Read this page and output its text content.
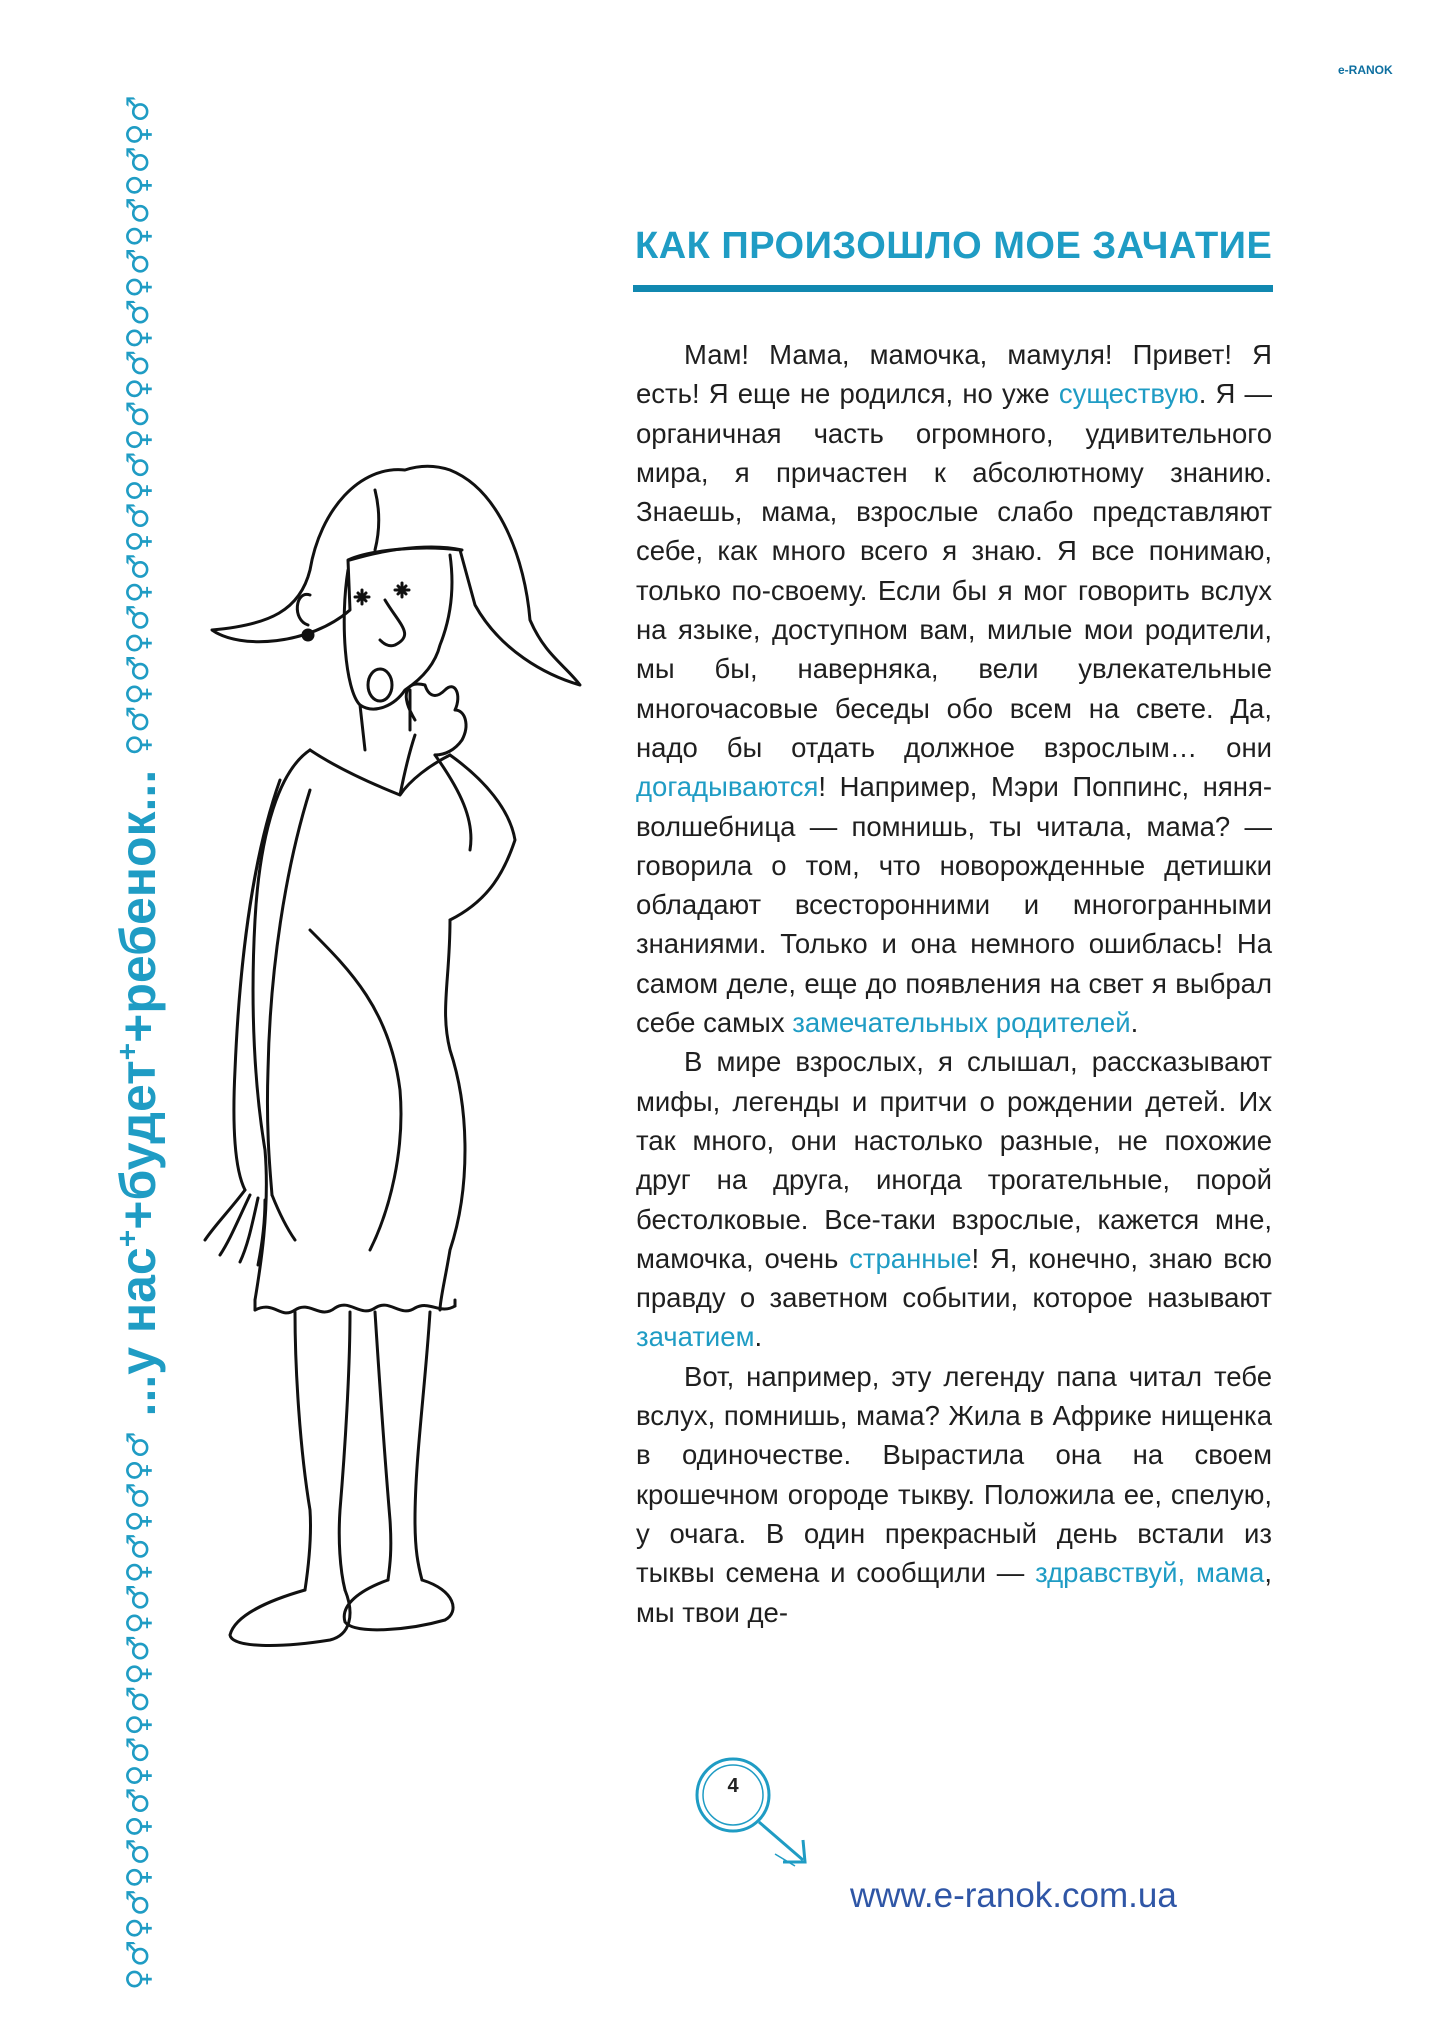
♀♂♀♂♀♂♀♂♀♂♀♂♀♂♀♂♀♂♀♂♀♂
...у нас++будет++ребенок...
♀♂♀♂♀♂♀♂♀♂♀♂♀♂♀♂♀♂♀♂♀♂♀♂♀♂
e-RANOK
КАК ПРОИЗОШЛО МОЕ ЗАЧАТИЕ

Мам! Мама, мамочка, мамуля! Привет! Я есть! Я еще не родился, но уже существую. Я — органичная часть огромного, удивительного мира, я причастен к абсолютному знанию. Знаешь, мама, взрослые слабо представляют себе, как много всего я знаю. Я все понимаю, только по-своему. Если бы я мог говорить вслух на языке, доступном вам, милые мои родители, мы бы, наверняка, вели увлекательные многочасовые беседы обо всем на свете. Да, надо бы отдать должное взрослым… они догадываются! Например, Мэри Поппинс, няня-волшебница — помнишь, ты читала, мама? — говорила о том, что новорожденные детишки обладают всесторонними и многогранными знаниями. Только и она немного ошиблась! На самом деле, еще до появления на свет я выбрал себе самых замечательных родителей.

В мире взрослых, я слышал, рассказывают мифы, легенды и притчи о рождении детей. Их так много, они настолько разные, не похожие друг на друга, иногда трогательные, порой бестолковые. Все-таки взрослые, кажется мне, мамочка, очень странные! Я, конечно, знаю всю правду о заветном событии, которое называют зачатием.

Вот, например, эту легенду папа читал тебе вслух, помнишь, мама? Жила в Африке нищенка в одиночестве. Вырастила она на своем крошечном огороде тыкву. Положила ее, спелую, у очага. В один прекрасный день встали из тыквы семена и сообщили — здравствуй, мама, мы твои де-

4
www.e-ranok.com.ua
